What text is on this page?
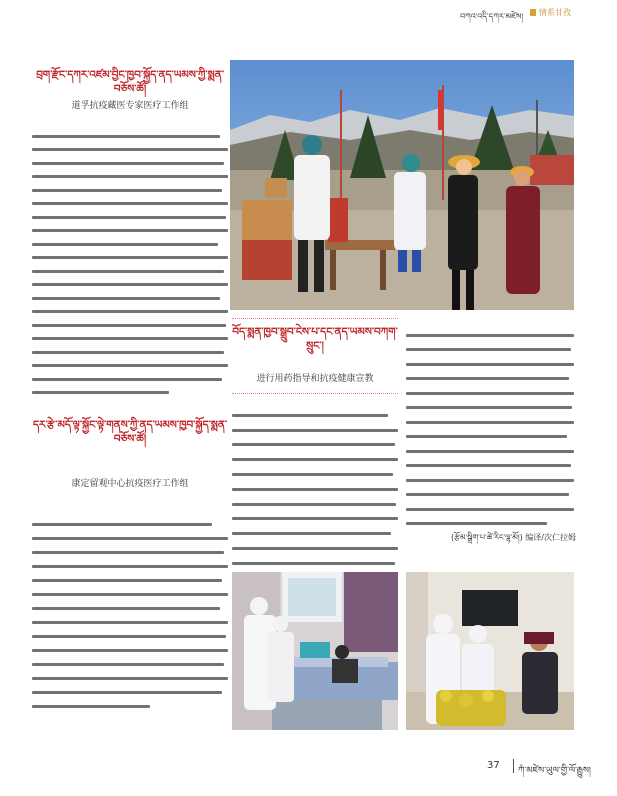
བཀའ་འདི་དཀར་མཛེས། 情系甘孜
བྲག་རྫོང་དཀར་འཛམ་བྱིང་ཁྱབ་སྐྱོད་ནད་ཡམས་ཀྱི་སྨན་བཅོས་ཚོ།
道孚抗疫藏医专家医疗工作组
བོད་སྨན་ཁྱབ་སྒྲུབ་ངེས་པ་དང་ནད་ཡམས་བཀག་སྲུང་།
进行用药指导和抗疫健康宣教
དར་རྩེ་མདོ་ལྟ་སྐྱོང་ལྟེ་གནས་ཀྱི་ནད་ཡམས་ཁྱབ་སྐྱོད་སྨན་བཅོས་ཚོ།
康定留观中心抗疫医疗工作组
(རྩོམ་སྒྲིག་པ་ཚེ་རིང་ལྷ་མོ།) 编译/次仁拉姆
37 ཀཾ་མཛེས་ཡུལ་གྱི་ལོ་རྒྱུས།
